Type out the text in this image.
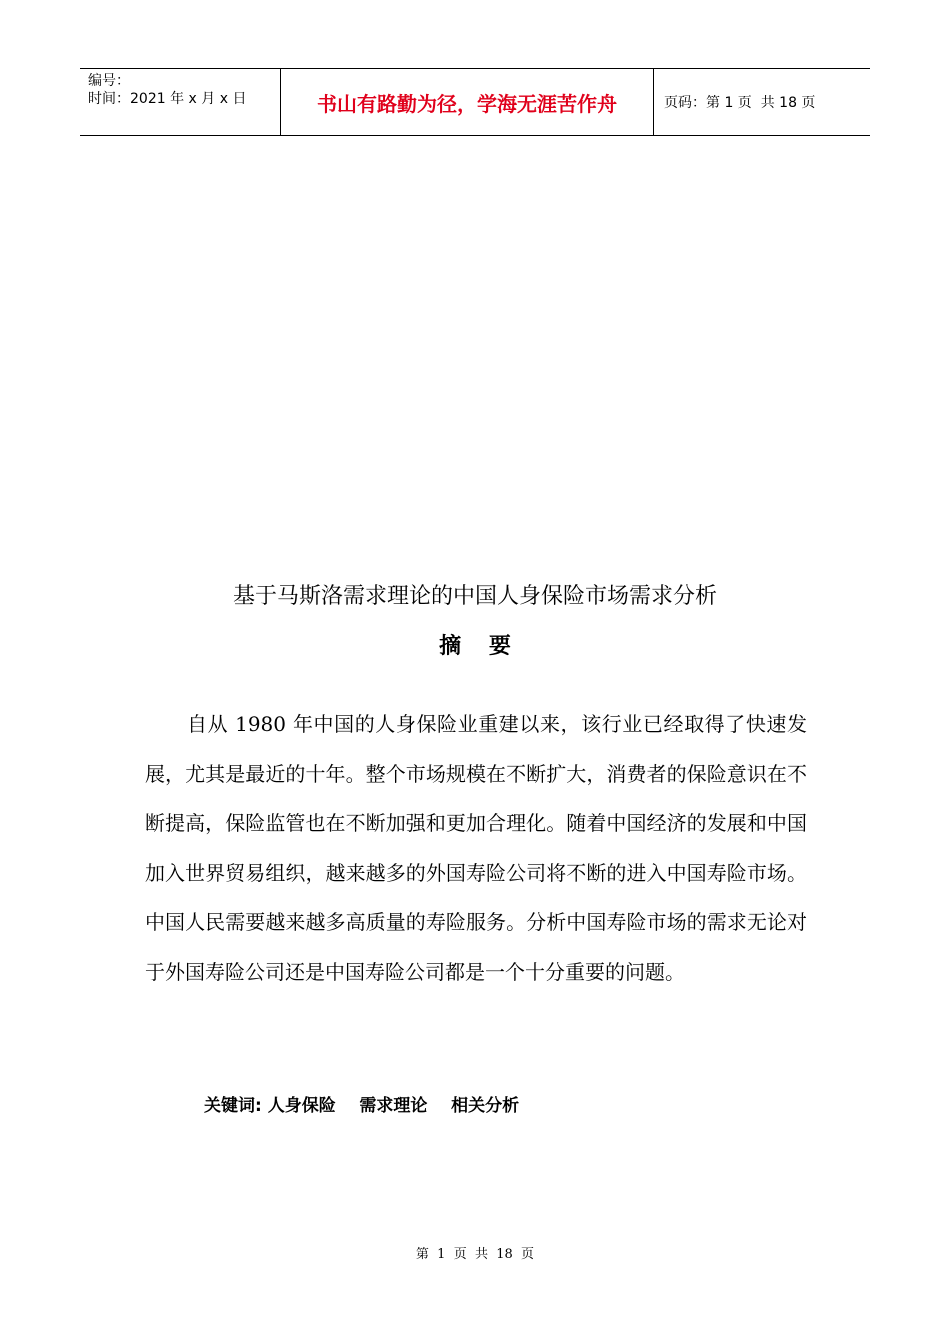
编号：
时间：2021 年 x 月 x 日	书山有路勤为径，学海无涯苦作舟	页码：第 1 页  共 18 页
基于马斯洛需求理论的中国人身保险市场需求分析
摘 要

自从 1980 年中国的人身保险业重建以来，该行业已经取得了快速发展，尤其是最近的十年。整个市场规模在不断扩大，消费者的保险意识在不断提高，保险监管也在不断加强和更加合理化。随着中国经济的发展和中国加入世界贸易组织，越来越多的外国寿险公司将不断的进入中国寿险市场。中国人民需要越来越多高质量的寿险服务。分析中国寿险市场的需求无论对于外国寿险公司还是中国寿险公司都是一个十分重要的问题。

关键词: 人身保险    需求理论    相关分析
第  1  页  共  18  页
